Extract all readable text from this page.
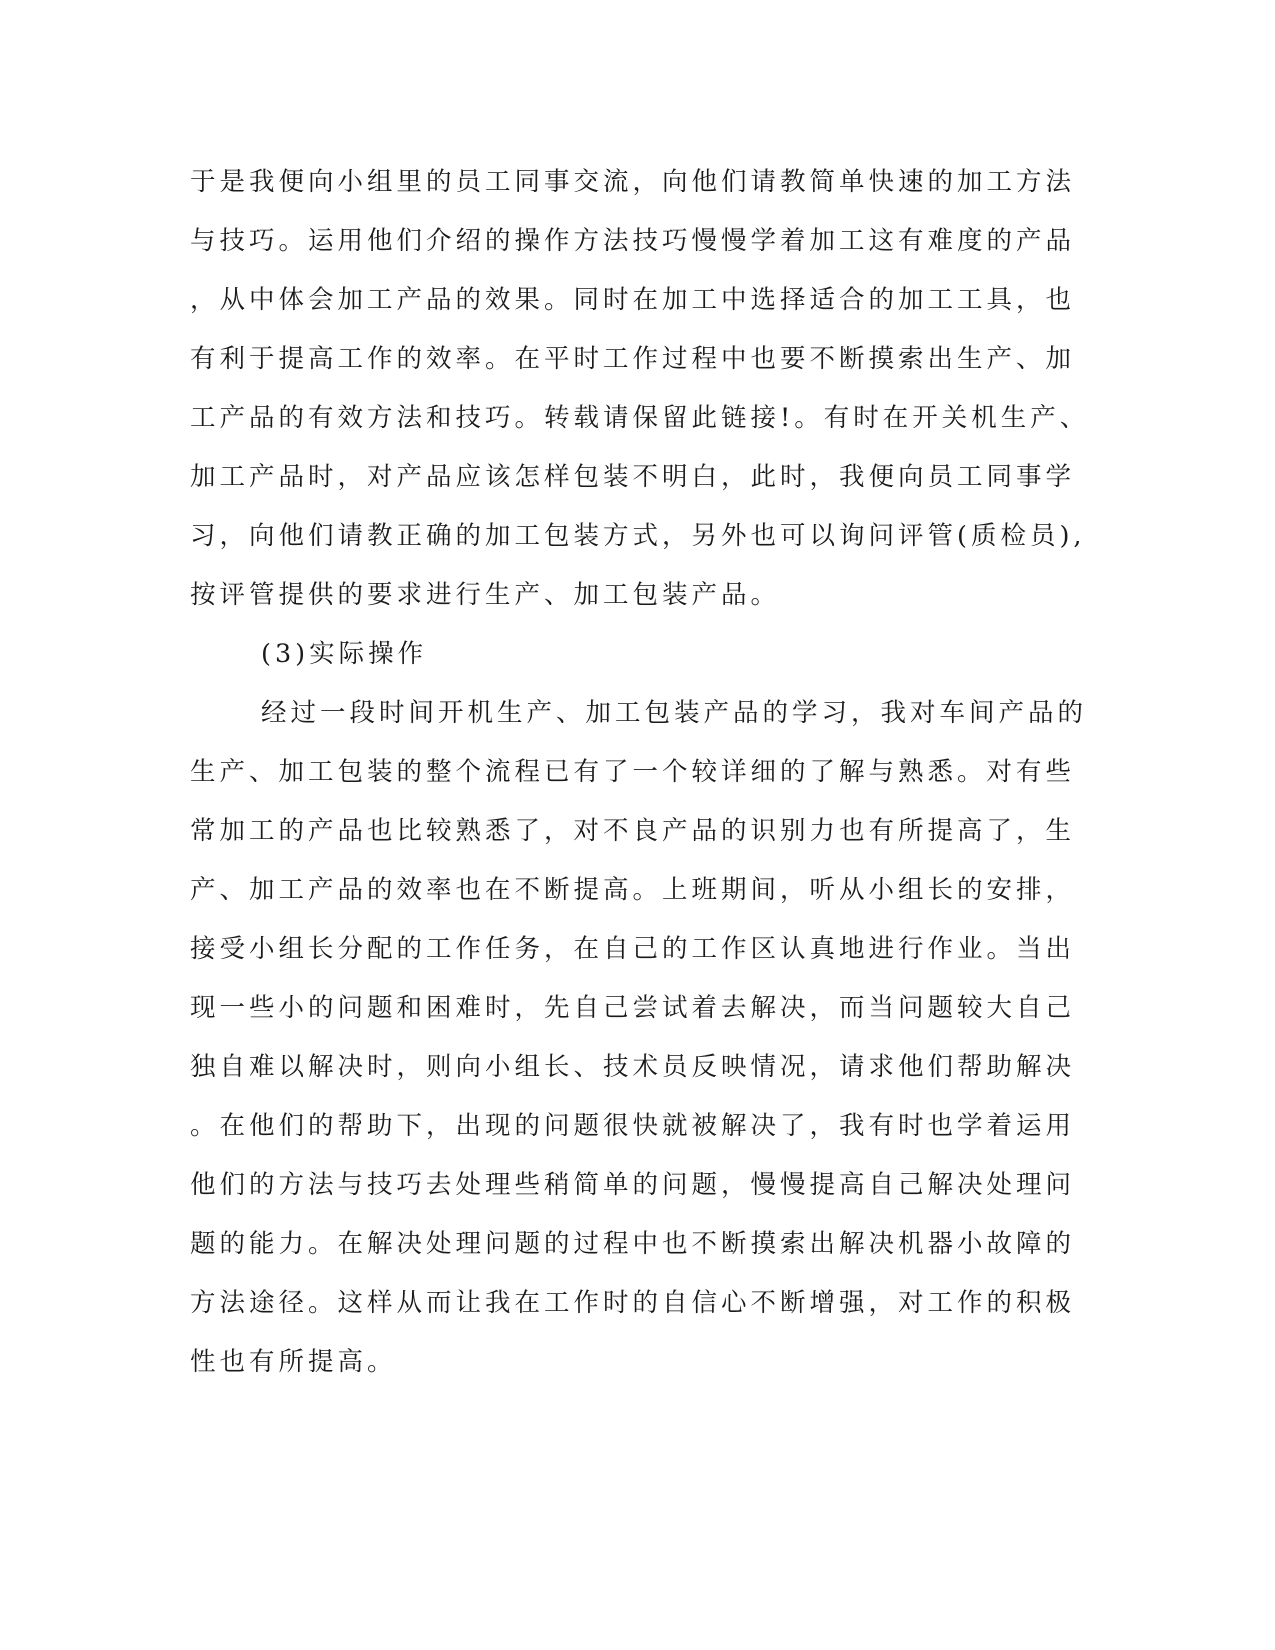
于是我便向小组里的员工同事交流，向他们请教简单快速的加工方法
与技巧。运用他们介绍的操作方法技巧慢慢学着加工这有难度的产品
，从中体会加工产品的效果。同时在加工中选择适合的加工工具，也
有利于提高工作的效率。在平时工作过程中也要不断摸索出生产、加
工产品的有效方法和技巧。转载请保留此链接!。有时在开关机生产、
加工产品时，对产品应该怎样包装不明白，此时，我便向员工同事学
习，向他们请教正确的加工包装方式，另外也可以询问评管(质检员),
按评管提供的要求进行生产、加工包装产品。
(3)实际操作
经过一段时间开机生产、加工包装产品的学习，我对车间产品的
生产、加工包装的整个流程已有了一个较详细的了解与熟悉。对有些
常加工的产品也比较熟悉了，对不良产品的识别力也有所提高了，生
产、加工产品的效率也在不断提高。上班期间，听从小组长的安排，
接受小组长分配的工作任务，在自己的工作区认真地进行作业。当出
现一些小的问题和困难时，先自己尝试着去解决，而当问题较大自己
独自难以解决时，则向小组长、技术员反映情况，请求他们帮助解决
。在他们的帮助下，出现的问题很快就被解决了，我有时也学着运用
他们的方法与技巧去处理些稍简单的问题，慢慢提高自己解决处理问
题的能力。在解决处理问题的过程中也不断摸索出解决机器小故障的
方法途径。这样从而让我在工作时的自信心不断增强，对工作的积极
性也有所提高。
